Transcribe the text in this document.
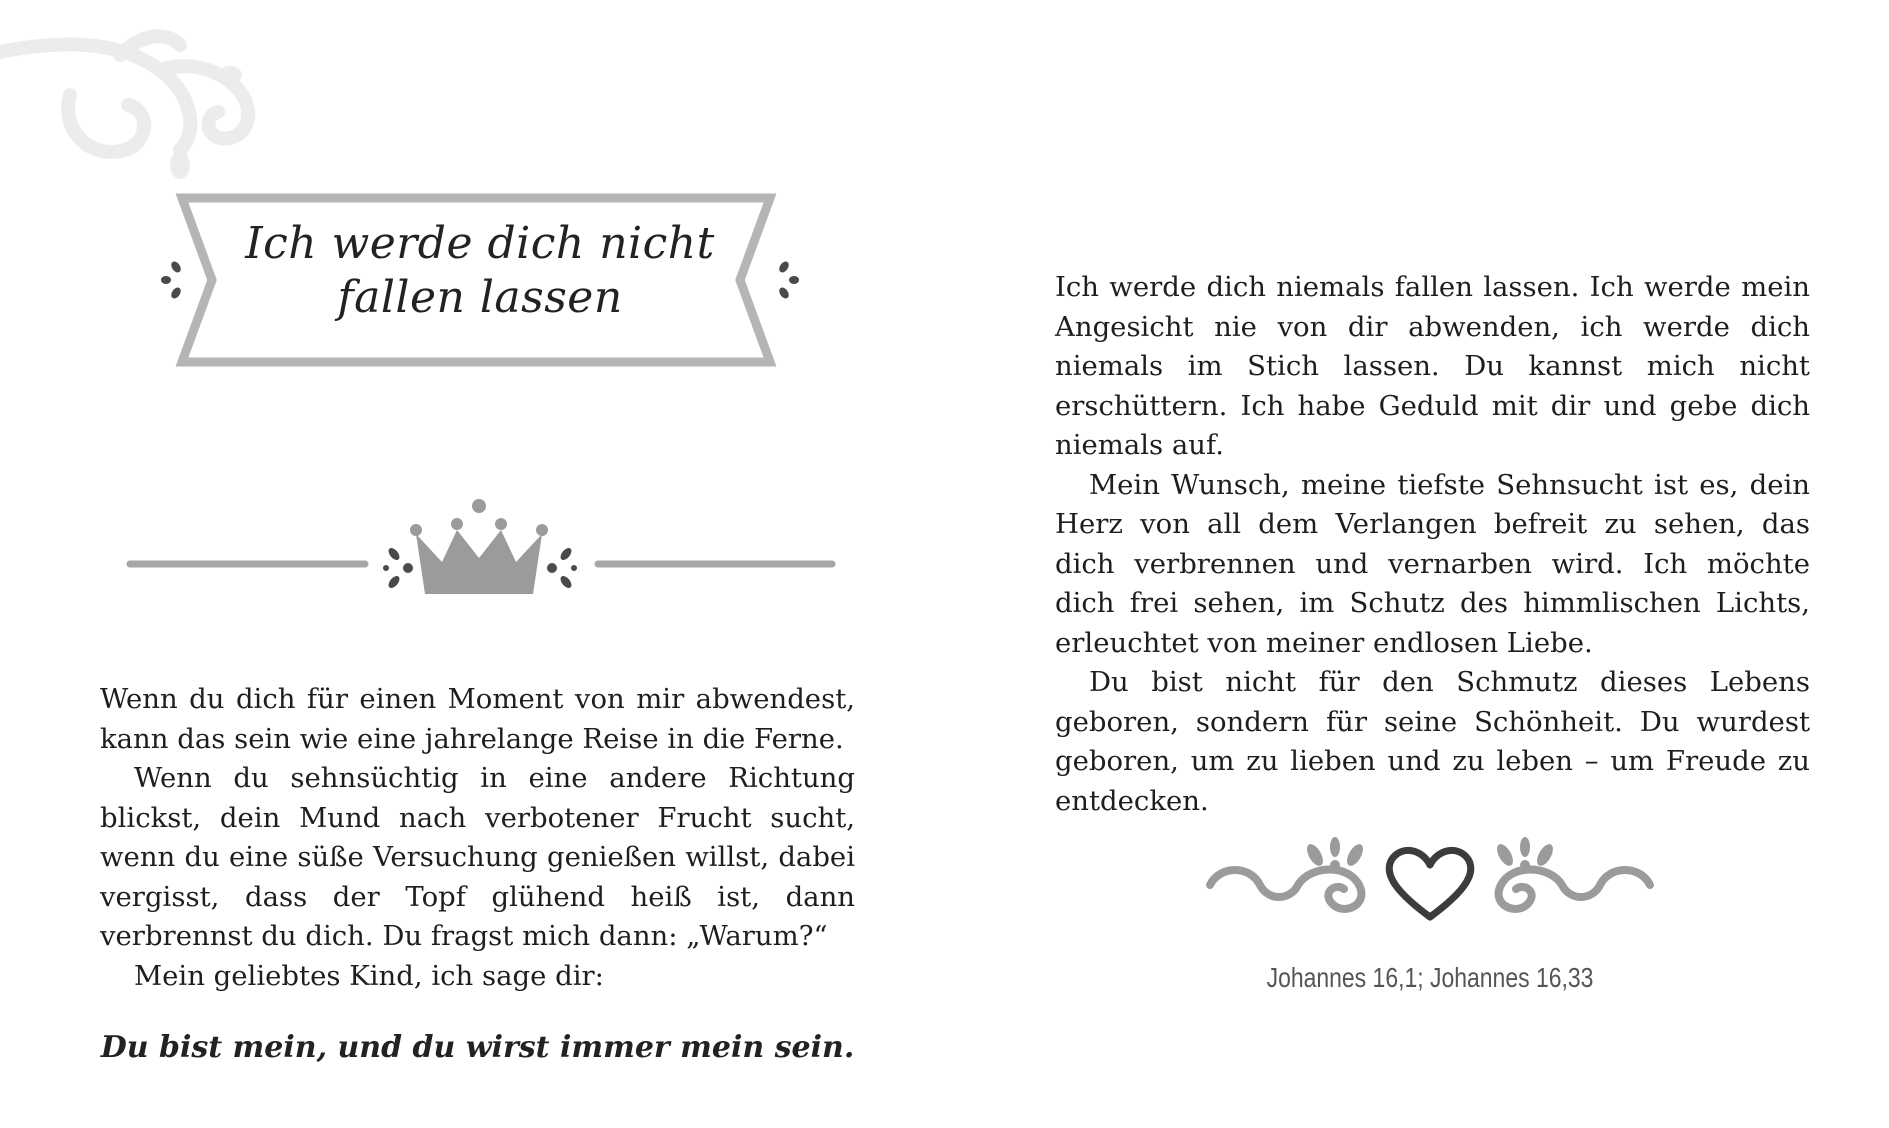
Ich werde dich nicht
fallen lassen

Wenn du dich für einen Moment von mir abwendest, kann das sein wie eine jahrelange Reise in die Ferne.

Wenn du sehnsüchtig in eine andere Richtung blickst, dein Mund nach verbotener Frucht sucht, wenn du eine süße Versuchung genießen willst, dabei vergisst, dass der Topf glühend heiß ist, dann verbrennst du dich. Du fragst mich dann: „Warum?“

Mein geliebtes Kind, ich sage dir:

Du bist mein, und du wirst immer mein sein.

Ich werde dich niemals fallen lassen. Ich werde mein Angesicht nie von dir abwenden, ich werde dich niemals im Stich lassen. Du kannst mich nicht erschüttern. Ich habe Geduld mit dir und gebe dich niemals auf.

Mein Wunsch, meine tiefste Sehnsucht ist es, dein Herz von all dem Verlangen befreit zu sehen, das dich verbrennen und vernarben wird. Ich möchte dich frei sehen, im Schutz des himmlischen Lichts, erleuchtet von meiner endlosen Liebe.

Du bist nicht für den Schmutz dieses Lebens geboren, sondern für seine Schönheit. Du wurdest geboren, um zu lieben und zu leben – um Freude zu entdecken.

Johannes 16,1; Johannes 16,33
